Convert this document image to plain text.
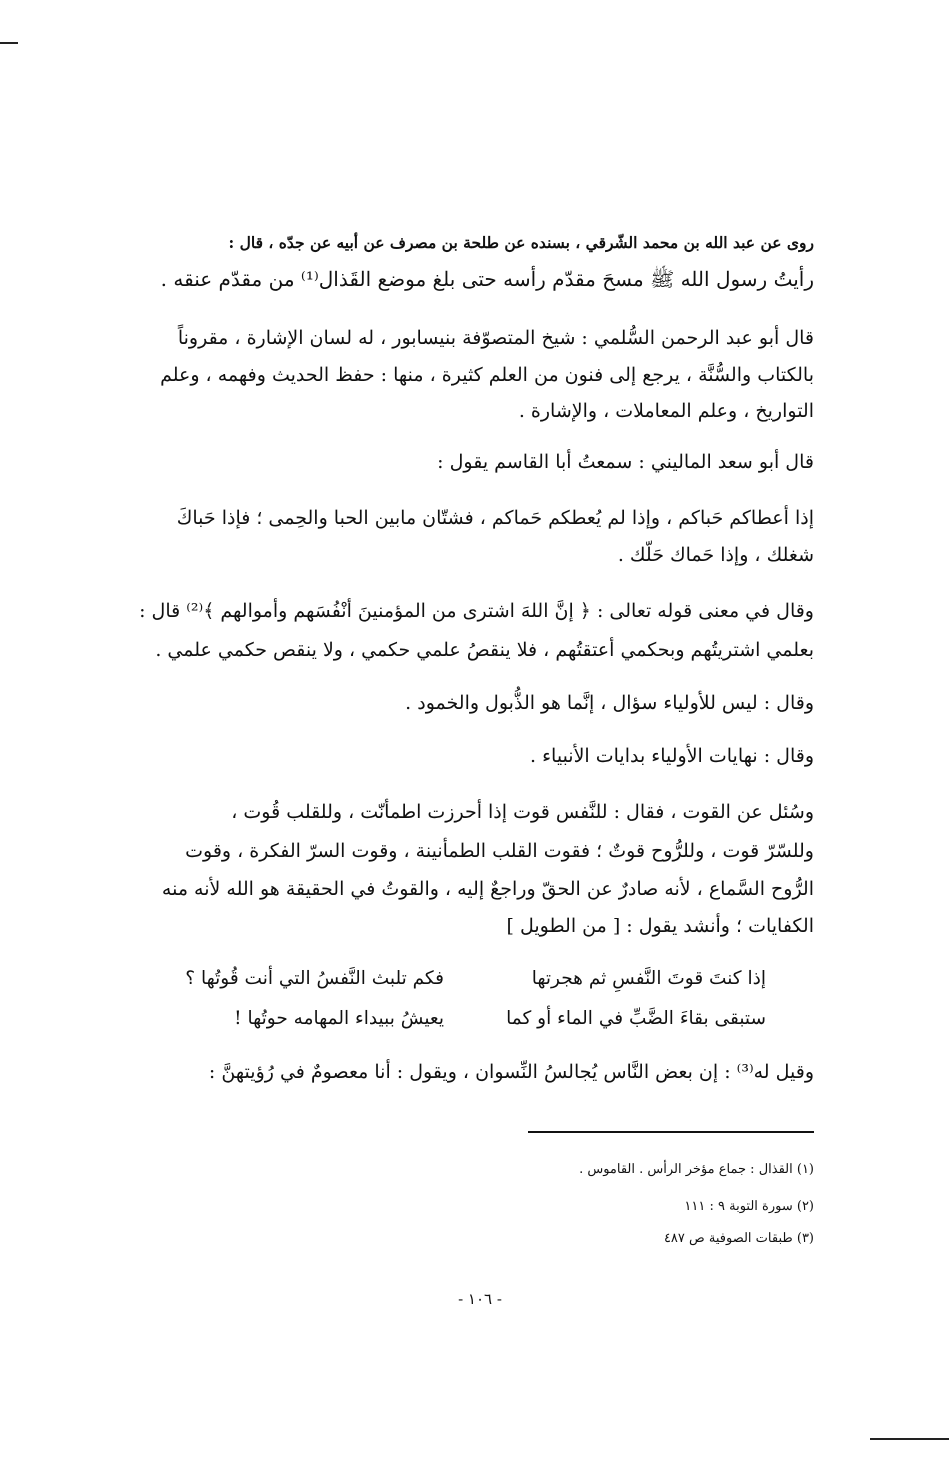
روى عن عبد الله بن محمد الشّرقي ، بسنده عن طلحة بن مصرف عن أبيه عن جدّه ، قال :
رأيتُ رسول الله ﷺ مسحَ مقدّم رأسه حتى بلغ موضع القَذال⁽¹⁾ من مقدّم عنقه .
قال أبو عبد الرحمن السُّلمي : شيخ المتصوّفة بنيسابور ، له لسان الإشارة ، مقروناً
بالكتاب والسُّنَّة ، يرجع إلى فنون من العلم كثيرة ، منها : حفظ الحديث وفهمه ، وعلم
التواريخ ، وعلم المعاملات ، والإشارة .
قال أبو سعد الماليني : سمعتُ أبا القاسم يقول :
إذا أعطاكم حَباكم ، وإذا لم يُعطكم حَماكم ، فشتّان مابين الحبا والحِمى ؛ فإذا حَباكَ
شغلك ، وإذا حَماك حَلّك .
وقال في معنى قوله تعالى : ﴿ إنَّ اللهَ اشترى من المؤمنينَ أنْفُسَهم وأموالهم ﴾⁽²⁾ قال :
بعلمي اشتريتُهم وبحكمي أعتقتُهم ، فلا ينقصُ علمي حكمي ، ولا ينقص حكمي علمي .
وقال : ليس للأولياء سؤال ، إنَّما هو الذُّبول والخمود .
وقال : نهايات الأولياء بدايات الأنبياء .
وسُئل عن القوت ، فقال : للنَّفس قوت إذا أحرزت اطمأنّت ، وللقلب قُوت ،
وللسّرّ قوت ، وللرُّوح قوتٌ ؛ فقوت القلب الطمأنينة ، وقوت السرّ الفكرة ، وقوت
الرُّوح السَّماع ، لأنه صادرٌ عن الحقّ وراجعٌ إليه ، والقوتُ في الحقيقة هو الله لأنه منه
الكفايات ؛ وأنشد يقول : [ من الطويل ]
إذا كنتَ قوتَ النَّفسِ ثم هجرتها
فكم تلبث النَّفسُ التي أنت قُوتُها ؟
ستبقى بقاءَ الضَّبِّ في الماء أو كما
يعيشُ ببيداء المهامه حوتُها !
وقيل له⁽³⁾ : إن بعض النَّاس يُجالسُ النِّسوان ، ويقول : أنا معصومٌ في رُؤيتهنَّ :
(١) القذال : جماع مؤخر الرأس . القاموس .
(٢) سورة التوبة ٩ : ١١١
(٣) طبقات الصوفية ص ٤٨٧
- ١٠٦ -
